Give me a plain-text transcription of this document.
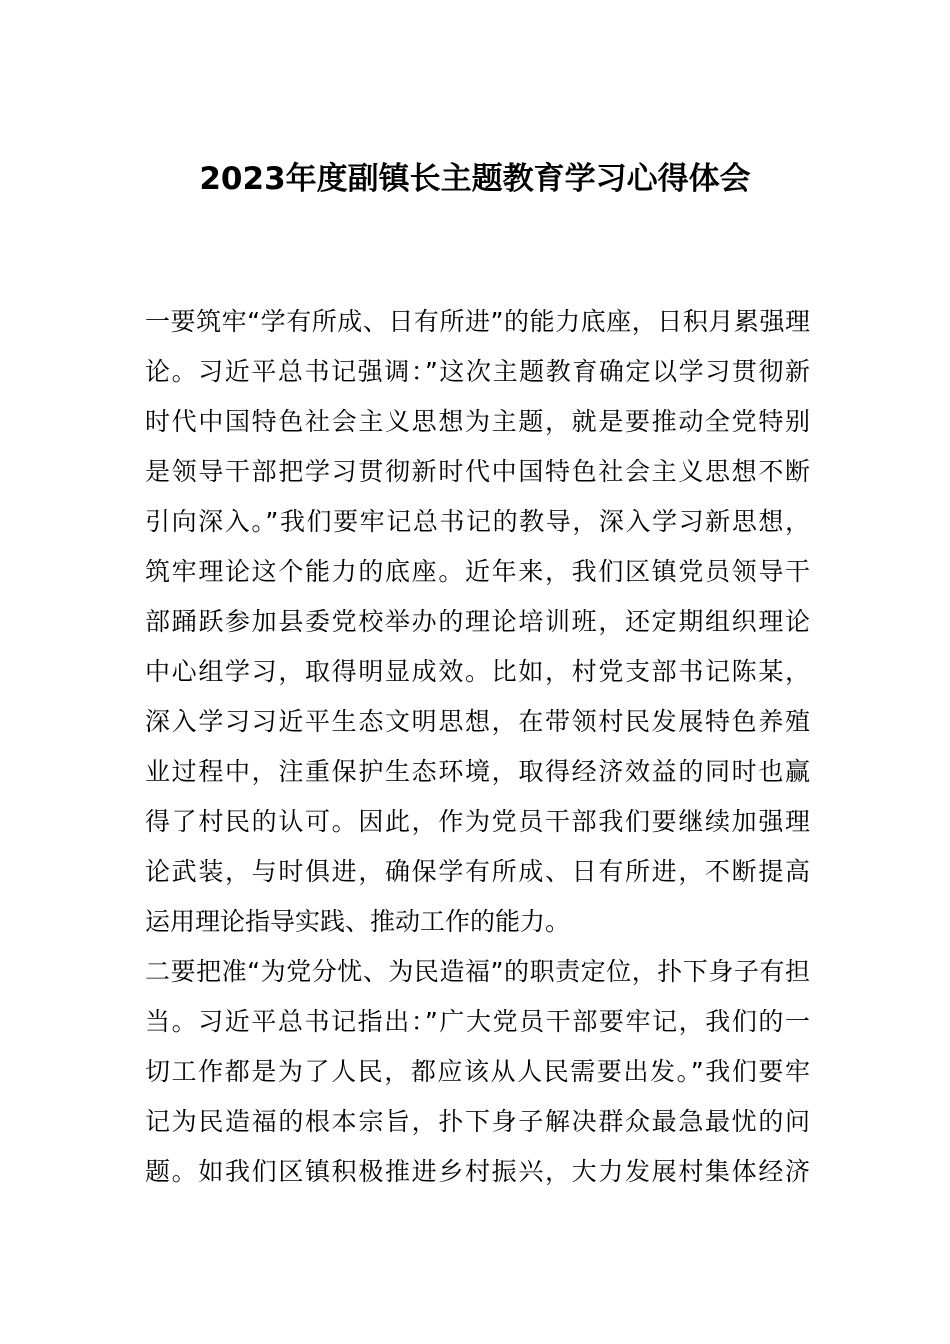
2023年度副镇长主题教育学习心得体会
一要筑牢“学有所成、日有所进”的能力底座，日积月累强理
论。习近平总书记强调：”这次主题教育确定以学习贯彻新
时代中国特色社会主义思想为主题，就是要推动全党特别
是领导干部把学习贯彻新时代中国特色社会主义思想不断
引向深入。”我们要牢记总书记的教导，深入学习新思想，
筑牢理论这个能力的底座。近年来，我们区镇党员领导干
部踊跃参加县委党校举办的理论培训班，还定期组织理论
中心组学习，取得明显成效。比如，村党支部书记陈某，
深入学习习近平生态文明思想，在带领村民发展特色养殖
业过程中，注重保护生态环境，取得经济效益的同时也赢
得了村民的认可。因此，作为党员干部我们要继续加强理
论武装，与时俱进，确保学有所成、日有所进，不断提高
运用理论指导实践、推动工作的能力。
二要把准“为党分忧、为民造福”的职责定位，扑下身子有担
当。习近平总书记指出：”广大党员干部要牢记，我们的一
切工作都是为了人民，都应该从人民需要出发。”我们要牢
记为民造福的根本宗旨，扑下身子解决群众最急最忧的问
题。如我们区镇积极推进乡村振兴，大力发展村集体经济
